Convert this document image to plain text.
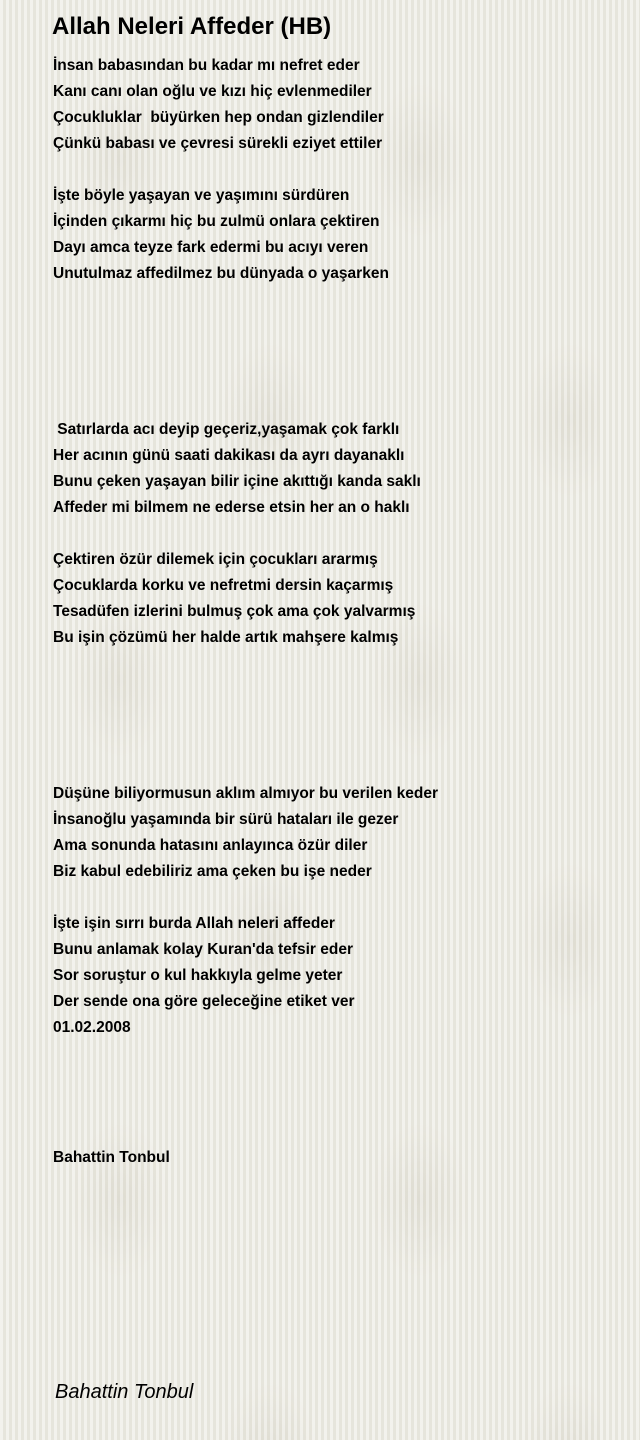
Allah Neleri Affeder (HB)
İnsan babasından bu kadar mı nefret eder
Kanı canı olan oğlu ve kızı hiç evlenmediler
Çocukluklar  büyürken hep ondan gizlendiler
Çünkü babası ve çevresi sürekli eziyet ettiler
İşte böyle yaşayan ve yaşımını sürdüren
İçinden çıkarmı hiç bu zulmü onlara çektiren
Dayı amca teyze fark edermi bu acıyı veren
Unutulmaz affedilmez bu dünyada o yaşarken
Satırlarda acı deyip geçeriz,yaşamak çok farklı
Her acının günü saati dakikası da ayrı dayanaklı
Bunu çeken yaşayan bilir içine akıttığı kanda saklı
Affeder mi bilmem ne ederse etsin her an o haklı
Çektiren özür dilemek için çocukları ararmış
Çocuklarda korku ve nefretmi dersin kaçarmış
Tesadüfen izlerini bulmuş çok ama çok yalvarmış
Bu işin çözümü her halde artık mahşere kalmış
Düşüne biliyormusun aklım almıyor bu verilen keder
İnsanoğlu yaşamında bir sürü hataları ile gezer
Ama sonunda hatasını anlayınca özür diler
Biz kabul edebiliriz ama çeken bu işe neder
İşte işin sırrı burda Allah neleri affeder
Bunu anlamak kolay Kuran'da tefsir eder
Sor soruştur o kul hakkıyla gelme yeter
Der sende ona göre geleceğine etiket ver
01.02.2008
Bahattin Tonbul
Bahattin Tonbul
